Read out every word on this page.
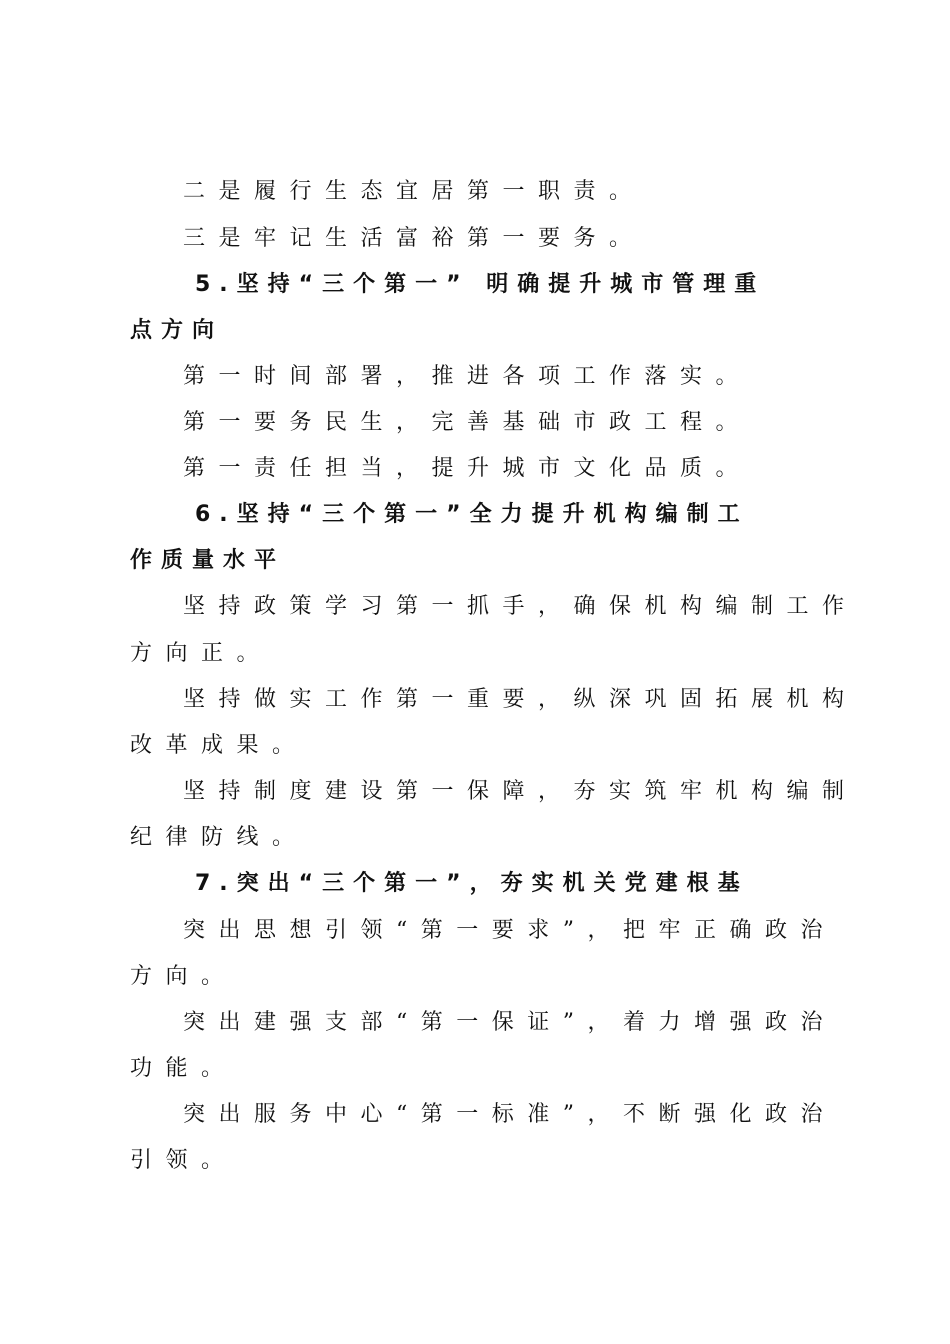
二是履行生态宜居第一职责。

三是牢记生活富裕第一要务。

5.坚持“三个第一” 明确提升城市管理重

点方向

第一时间部署，推进各项工作落实。

第一要务民生，完善基础市政工程。

第一责任担当，提升城市文化品质。

6.坚持“三个第一”全力提升机构编制工

作质量水平

坚持政策学习第一抓手，确保机构编制工作

方向正。

坚持做实工作第一重要，纵深巩固拓展机构

改革成果。

坚持制度建设第一保障，夯实筑牢机构编制

纪律防线。

7.突出“三个第一”，夯实机关党建根基

突出思想引领“第一要求”，把牢正确政治

方向。

突出建强支部“第一保证”，着力增强政治

功能。

突出服务中心“第一标准”，不断强化政治

引领。
